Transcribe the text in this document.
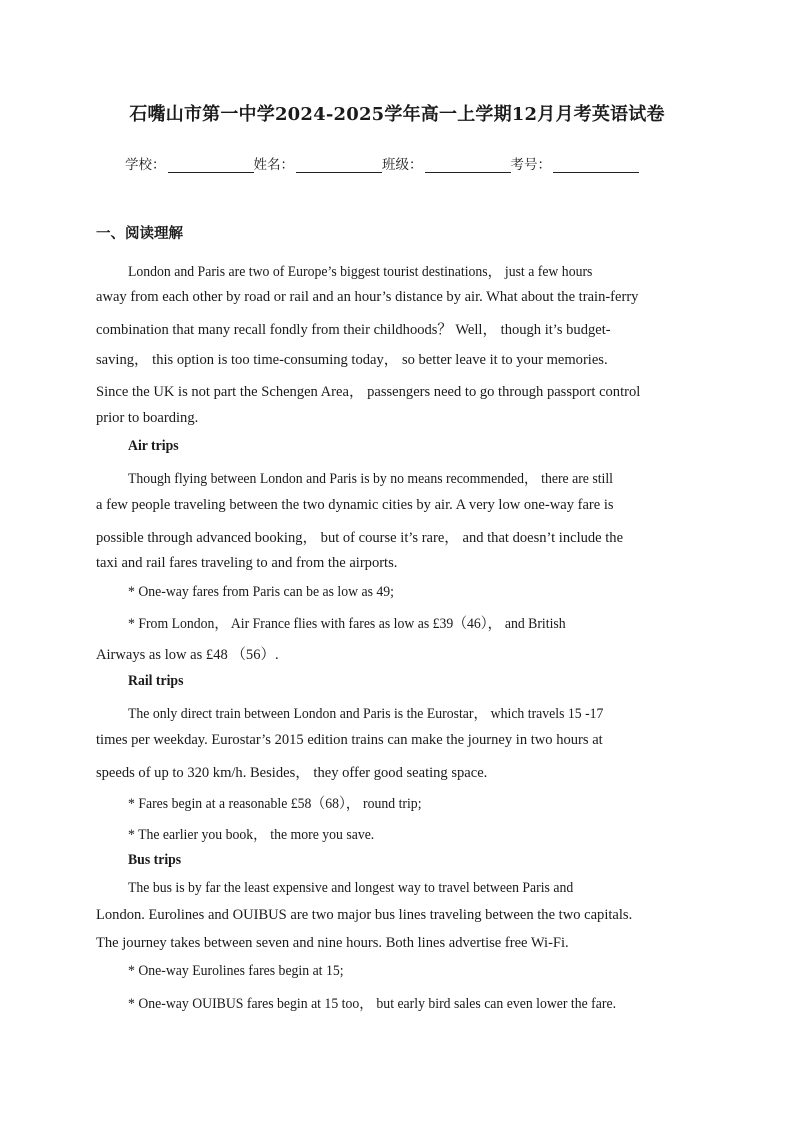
石嘴山市第一中学2024-2025学年高一上学期12月月考英语试卷
学校：	姓名：	班级：	考号：
一、阅读理解
London and Paris are two of Europe’s biggest tourist destinations， just a few hours
away from each other by road or rail and an hour’s distance by air. What about the train-ferry
combination that many recall fondly from their childhoods？ Well， though it’s budget-
saving， this option is too time-consuming today， so better leave it to your memories.
Since the UK is not part the Schengen Area， passengers need to go through passport control
prior to boarding.
Air trips
Though flying between London and Paris is by no means recommended， there are still
a few people traveling between the two dynamic cities by air. A very low one-way fare is
possible through advanced booking， but of course it’s rare， and that doesn’t include the
taxi and rail fares traveling to and from the airports.
* One-way fares from Paris can be as low as 49;
* From London， Air France flies with fares as low as £39（46）， and British
Airways as low as £48 （56）.
Rail trips
The only direct train between London and Paris is the Eurostar， which travels 15 -17
times per weekday. Eurostar’s 2015 edition trains can make the journey in two hours at
speeds of up to 320 km/h. Besides， they offer good seating space.
* Fares begin at a reasonable £58（68）， round trip;
* The earlier you book， the more you save.
Bus trips
The bus is by far the least expensive and longest way to travel between Paris and
London. Eurolines and OUIBUS are two major bus lines traveling between the two capitals.
The journey takes between seven and nine hours. Both lines advertise free Wi-Fi.
* One-way Eurolines fares begin at 15;
* One-way OUIBUS fares begin at 15 too， but early bird sales can even lower the fare.
